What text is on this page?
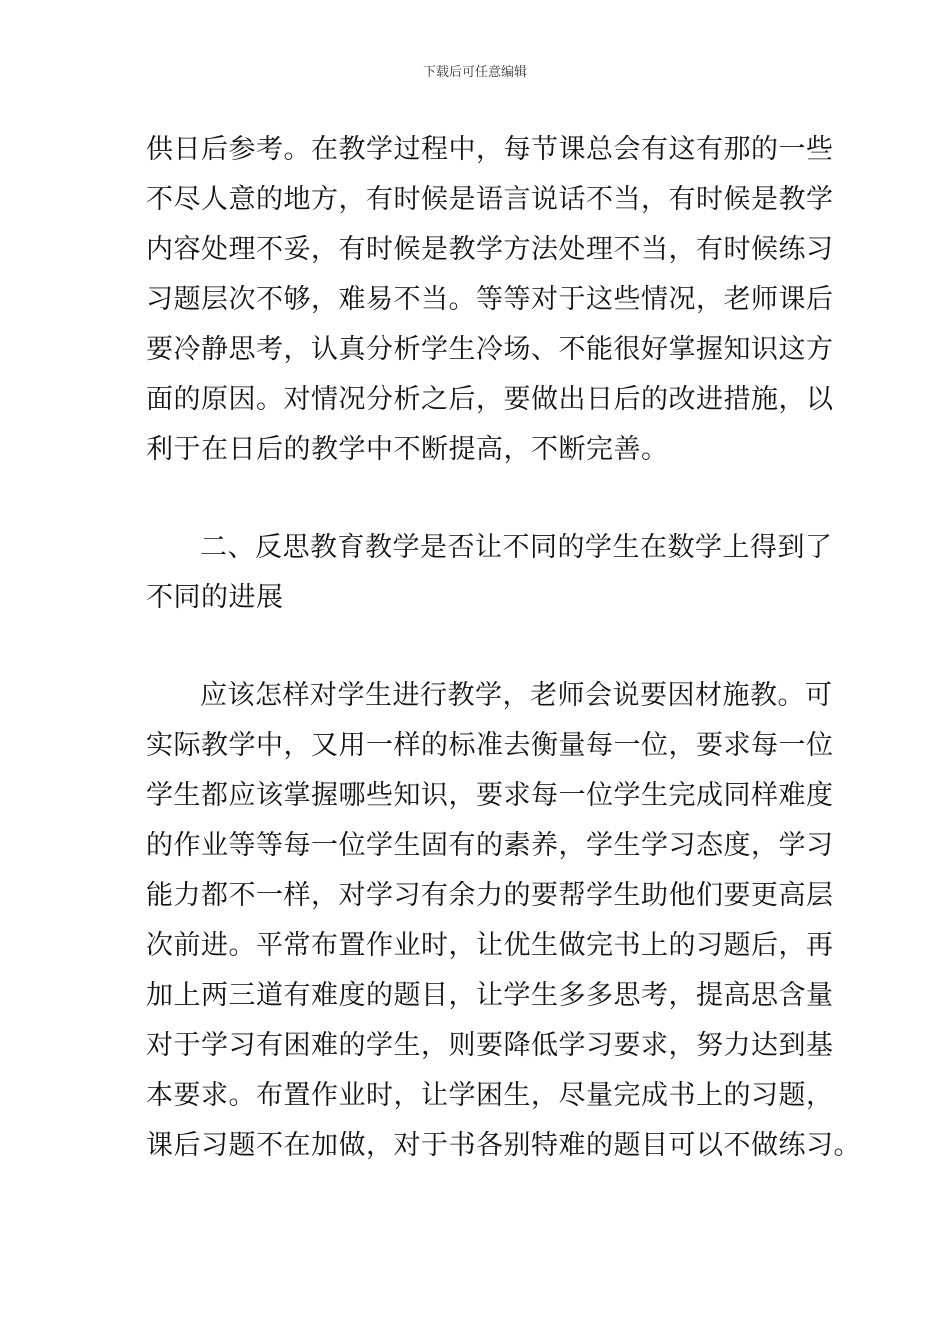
下载后可任意编辑
供日后参考。在教学过程中，每节课总会有这有那的一些
不尽人意的地方，有时候是语言说话不当，有时候是教学
内容处理不妥，有时候是教学方法处理不当，有时候练习
习题层次不够，难易不当。等等对于这些情况，老师课后
要冷静思考，认真分析学生冷场、不能很好掌握知识这方
面的原因。对情况分析之后，要做出日后的改进措施，以
利于在日后的教学中不断提高，不断完善。
二、反思教育教学是否让不同的学生在数学上得到了
不同的进展
应该怎样对学生进行教学，老师会说要因材施教。可
实际教学中，又用一样的标准去衡量每一位，要求每一位
学生都应该掌握哪些知识，要求每一位学生完成同样难度
的作业等等每一位学生固有的素养，学生学习态度，学习
能力都不一样，对学习有余力的要帮学生助他们要更高层
次前进。平常布置作业时，让优生做完书上的习题后，再
加上两三道有难度的题目，让学生多多思考，提高思含量
对于学习有困难的学生，则要降低学习要求，努力达到基
本要求。布置作业时，让学困生，尽量完成书上的习题，
课后习题不在加做，对于书各别特难的题目可以不做练习。
